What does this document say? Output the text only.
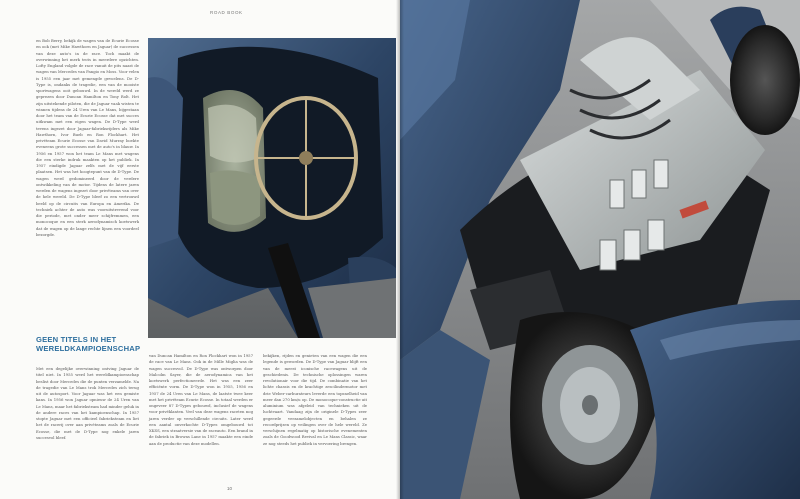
ROAD BOOK

en Bob Berry, bekijk de wagen van de Ecurie Ecosse en ook (met Mike Hawthorn en Jaguar) de successen van deze auto's in de race. Toch maakt de overwinning het merk trots in meerdere opzichten. Lofty England volgde de race vanuit de pits naast de wagen van Mercedes van Fangio en Moss. Voor velen is 1955 een jaar met gemengde gevoelens. De D-Type is, ondanks de tragedie, een van de mooiste sportwagens ooit gebouwd. In de wereld werd ze geprezen door Duncan Hamilton en Tony Rolt. Het zijn uitstekende piloten, die de Jaguar vaak wisten te winnen tijdens de 24 Uren van Le Mans, bijgestaan door het team van de Ecurie Ecosse dat met succes uitkwam met een eigen wagen. De D-Type werd tevens ingezet door Jaguar-fabrieksrijders als Mike Hawthorn, Ivor Bueb en Ron Flockhart. Het privéteam Ecurie Ecosse van David Murray boekte eveneens grote successen met de auto's in blauw. In 1956 en 1957 won het team Le Mans met wagens die een sterke indruk maakten op het publiek. In 1957 eindigde Jaguar zelfs met de vijf eerste plaatsen. Het was het hoogtepunt van de D-Type. De wagen werd gedomineerd door de verdere ontwikkeling van de motor. Tijdens de latere jaren werden de wagens ingezet door privéteams van over de hele wereld. De D-Type bleef zo een vertrouwd beeld op de circuits van Europa en Amerika. De techniek achter de auto was vooruitstrevend voor die periode, met onder meer schijfremmen, een monocoque en een sterk aerodynamisch koetswerk dat de wagen op de lange rechte lijnen een voordeel bezorgde.

GEEN TITELS IN HET WERELDKAMPIOENSCHAP

Met een degelijke overwinning ontving Jaguar de titel niet. In 1955 werd het wereldkampioenschap beslist door Mercedes die de punten verzamelde. Na de tragedie van Le Mans trok Mercedes zich terug uit de autosport. Voor Jaguar was het een gemiste kans. In 1956 won Jaguar opnieuw de 24 Uren van Le Mans, maar het fabrieksteam had minder geluk in de andere races van het kampioenschap. In 1957 stopte Jaguar met een officieel fabrieksteam en liet het de racerij over aan privéteams zoals de Ecurie Ecosse, die met de D-Type nog enkele jaren succesvol bleef.

van Duncan Hamilton en Ron Flockhart won in 1957 de race van Le Mans. Ook in de Mille Miglia was de wagen succesvol. De D-Type was ontworpen door Malcolm Sayer, die de aerodynamica van het koetswerk perfectioneerde. Het was een zeer efficiënte vorm. De D-Type won in 1955, 1956 en 1957 de 24 Uren van Le Mans, de laatste twee keer met het privéteam Ecurie Ecosse. In totaal werden er ongeveer 87 D-Types gebouwd, inclusief de wagens voor privéklanten. Veel van deze wagens raceten nog jaren verder op verschillende circuits. Later werd een aantal onverkochte D-Types omgebouwd tot XKSS, een straatversie van de raceauto. Een brand in de fabriek in Browns Lane in 1957 maakte een einde aan de productie van deze modellen.

bekijken, rijden en genieten van een wagen die een legende is geworden. De D-Type van Jaguar blijft een van de meest iconische racewagens uit de geschiedenis. De technische oplossingen waren revolutionair voor die tijd. De combinatie van het lichte chassis en de krachtige zescilindermotor met drie Weber-carburateurs leverde een topsnelheid van meer dan 270 km/u op. De monocoque-constructie uit aluminium was afgeleid van technieken uit de luchtvaart. Vandaag zijn de originele D-Types zeer gegeerde verzamelobjecten en behalen ze recordprijzen op veilingen over de hele wereld. Ze verschijnen regelmatig op historische evenementen zoals de Goodwood Revival en Le Mans Classic, waar ze nog steeds het publiek in vervoering brengen.

10
